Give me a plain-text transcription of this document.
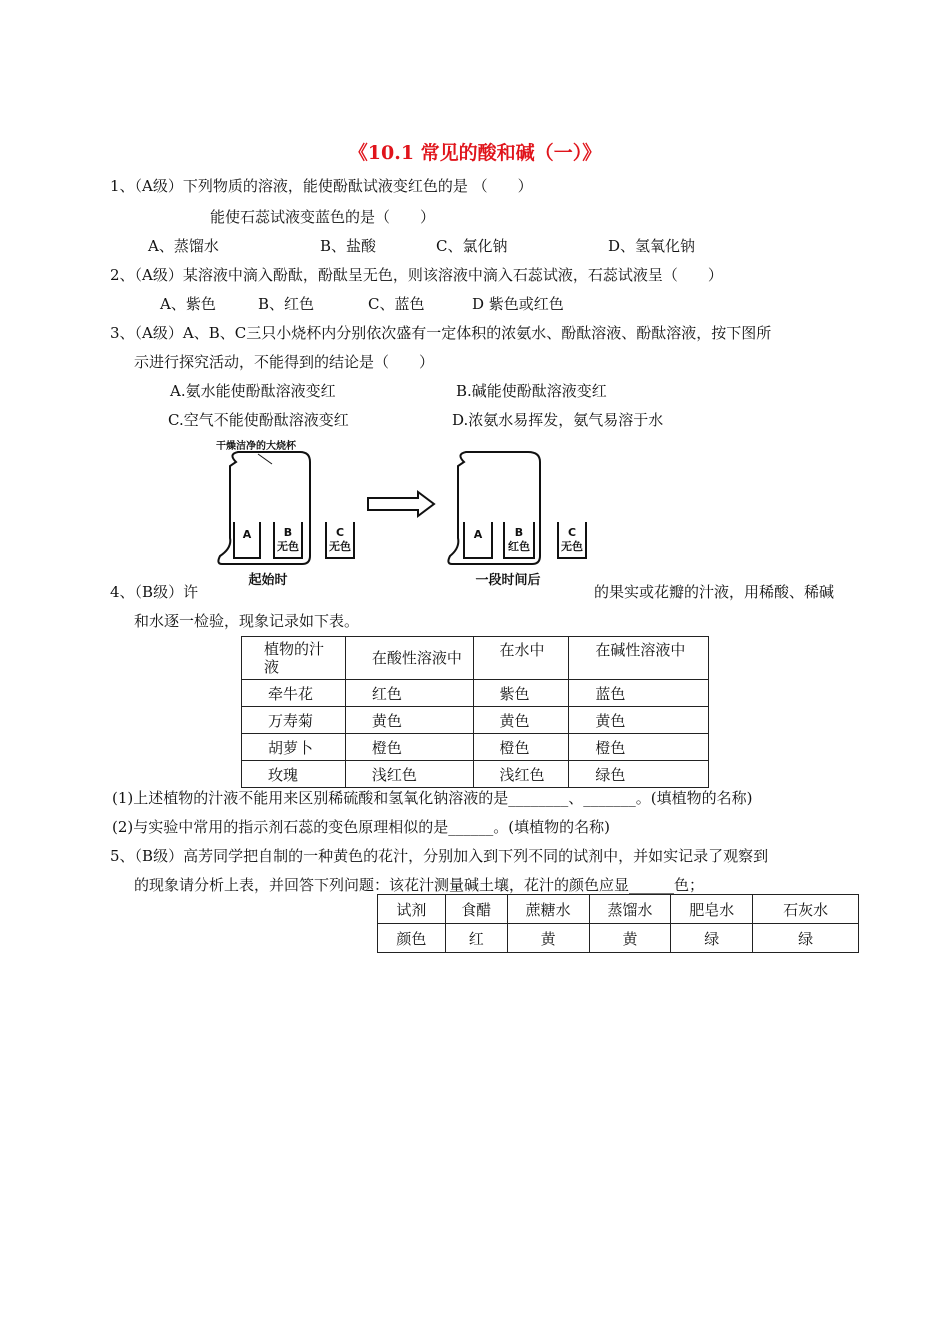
《10.1 常见的酸和碱（一）》
1、（A级）下列物质的溶液，能使酚酞试液变红色的是 （　　）
能使石蕊试液变蓝色的是（　　）
A、蒸馏水	B、盐酸	C、氯化钠	D、氢氧化钠
2、（A级）某溶液中滴入酚酞，酚酞呈无色，则该溶液中滴入石蕊试液，石蕊试液呈（　　）
A、紫色	B、红色	C、蓝色	D 紫色或红色
3、（A级）A、B、C三只小烧杯内分别依次盛有一定体积的浓氨水、酚酞溶液、酚酞溶液，按下图所
示进行探究活动，不能得到的结论是（　　）
A.氨水能使酚酞溶液变红	B.碱能使酚酞溶液变红
C.空气不能使酚酞溶液变红	D.浓氨水易挥发，氨气易溶于水
干燥洁净的大烧杯
A	B
无色
C
无色
A	B
红色
C
无色
起始时	一段时间后
4、（B级）许	的果实或花瓣的汁液，用稀酸、稀碱
和水逐一检验，现象记录如下表。
植物的汁液	在酸性溶液中	在水中	在碱性溶液中
牵牛花	红色	紫色	蓝色
万寿菊	黄色	黄色	黄色
胡萝卜	橙色	橙色	橙色
玫瑰	浅红色	浅红色	绿色
(1)上述植物的汁液不能用来区别稀硫酸和氢氧化钠溶液的是________、_______。(填植物的名称)
(2)与实验中常用的指示剂石蕊的变色原理相似的是______。(填植物的名称)
5、（B级）高芳同学把自制的一种黄色的花汁，分别加入到下列不同的试剂中，并如实记录了观察到
的现象请分析上表，并回答下列问题：该花汁测量碱土壤，花汁的颜色应显______色；
试剂	食醋	蔗糖水	蒸馏水	肥皂水	石灰水
颜色	红	黄	黄	绿	绿
